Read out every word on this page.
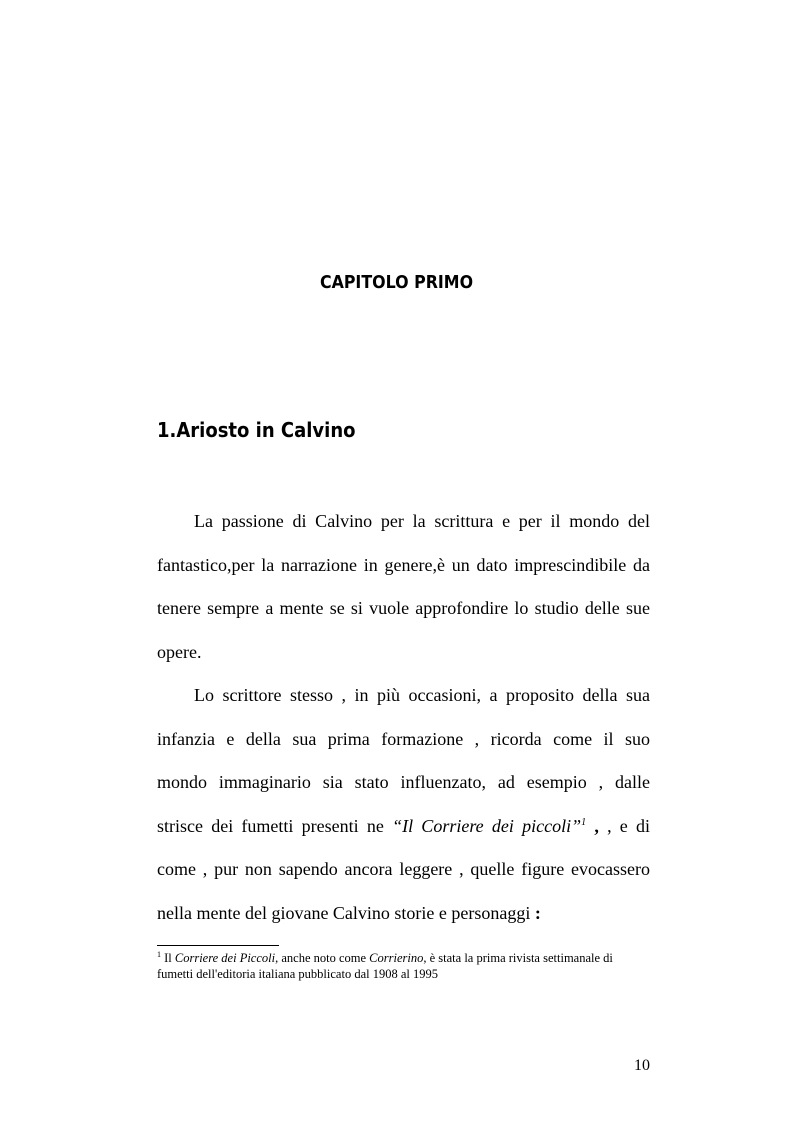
CAPITOLO PRIMO
1.Ariosto in Calvino

La passione di Calvino per la scrittura e per il mondo del
fantastico,per la narrazione in genere,è un dato imprescindibile da
tenere sempre a mente se si vuole approfondire lo studio delle sue
opere.

Lo scrittore stesso , in più occasioni, a proposito della sua
infanzia e della sua prima formazione , ricorda come il suo
mondo immaginario sia stato influenzato, ad esempio , dalle
strisce dei fumetti presenti ne “Il Corriere dei piccoli”$^1$ , , e di
come , pur non sapendo ancora leggere , quelle figure evocassero
nella mente del giovane Calvino storie e personaggi :

$^1$ Il Corriere dei Piccoli, anche noto come Corrierino, è stata la prima rivista settimanale di fumetti dell'editoria italiana pubblicato dal 1908 al 1995
10
